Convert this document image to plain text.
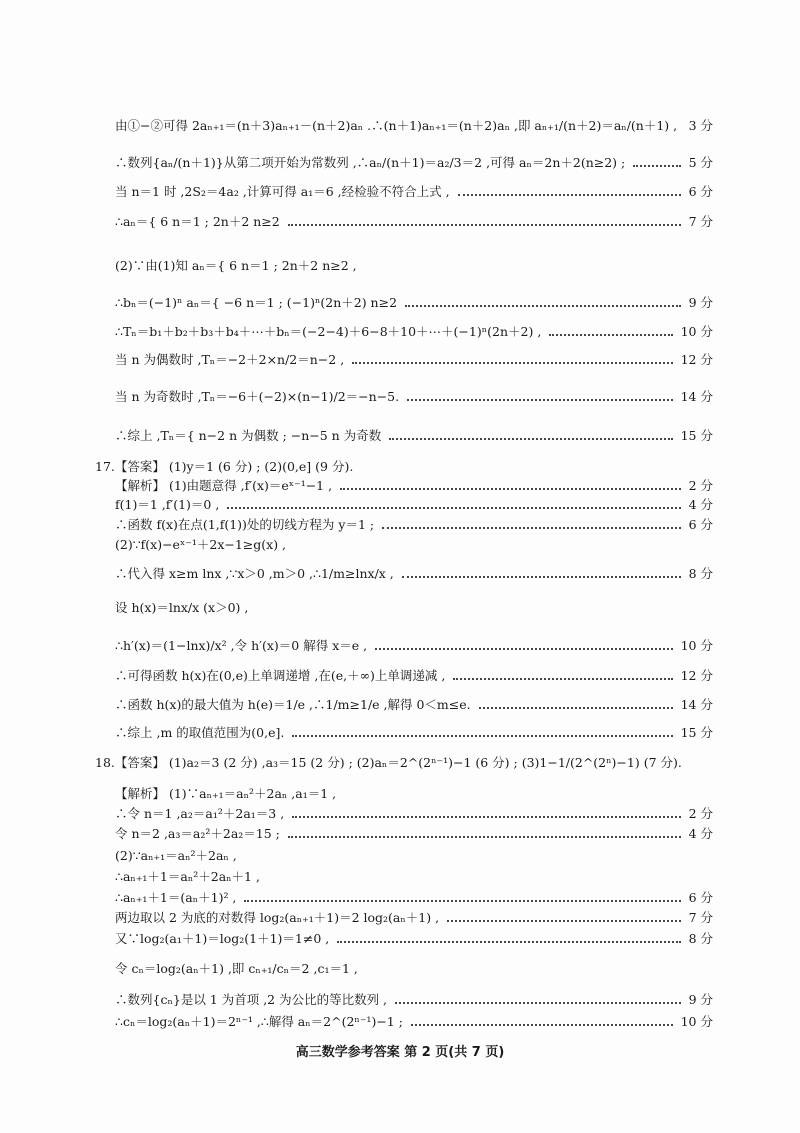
由①−②可得 2aₙ₊₁＝(n＋3)aₙ₊₁－(n＋2)aₙ .∴(n＋1)aₙ₊₁＝(n＋2)aₙ ,即 aₙ₊₁/(n＋2)＝aₙ/(n＋1) , 3 分
∴数列{aₙ/(n＋1)}从第二项开始为常数列 ,∴aₙ/(n＋1)＝a₂/3＝2 ,可得 aₙ＝2n＋2(n≥2) ;	5 分
当 n＝1 时 ,2S₂＝4a₂ ,计算可得 a₁＝6 ,经检验不符合上式 ,	6 分
∴aₙ＝{ 6 n＝1 ; 2n＋2 n≥2	7 分
(2)∵由(1)知 aₙ＝{ 6 n＝1 ; 2n＋2 n≥2 ,
∴bₙ＝(−1)ⁿ aₙ＝{ −6 n＝1 ; (−1)ⁿ(2n＋2) n≥2	9 分
∴Tₙ＝b₁＋b₂＋b₃＋b₄＋⋯＋bₙ＝(−2−4)＋6−8＋10＋⋯＋(−1)ⁿ(2n＋2) ,	10 分
当 n 为偶数时 ,Tₙ＝−2＋2×n/2＝n−2 ,	12 分
当 n 为奇数时 ,Tₙ＝−6＋(−2)×(n−1)/2＝−n−5.	14 分
∴综上 ,Tₙ＝{ n−2 n 为偶数 ; −n−5 n 为奇数	15 分
17.【答案】 (1)y＝1 (6 分) ; (2)(0,e] (9 分).
【解析】 (1)由题意得 ,f′(x)＝eˣ⁻¹−1 ,	2 分
f(1)＝1 ,f′(1)＝0 ,	4 分
∴函数 f(x)在点(1,f(1))处的切线方程为 y＝1 ;	6 分
(2)∵f(x)−eˣ⁻¹＋2x−1≥g(x) ,
∴代入得 x≥m lnx ,∵x＞0 ,m＞0 ,∴1/m≥lnx/x ,	8 分
设 h(x)＝lnx/x (x＞0) ,
∴h′(x)＝(1−lnx)/x² ,令 h′(x)＝0 解得 x＝e ,	10 分
∴可得函数 h(x)在(0,e)上单调递增 ,在(e,＋∞)上单调递减 ,	12 分
∴函数 h(x)的最大值为 h(e)＝1/e ,∴1/m≥1/e ,解得 0＜m≤e.	14 分
∴综上 ,m 的取值范围为(0,e].	15 分
18.【答案】 (1)a₂＝3 (2 分) ,a₃＝15 (2 分) ; (2)aₙ＝2^(2ⁿ⁻¹)−1 (6 分) ; (3)1−1/(2^(2ⁿ)−1) (7 分).
【解析】 (1)∵aₙ₊₁＝aₙ²＋2aₙ ,a₁＝1 ,
∴令 n＝1 ,a₂＝a₁²＋2a₁＝3 ,	2 分
令 n＝2 ,a₃＝a₂²＋2a₂＝15 ;	4 分
(2)∵aₙ₊₁＝aₙ²＋2aₙ ,
∴aₙ₊₁＋1＝aₙ²＋2aₙ＋1 ,
∴aₙ₊₁＋1＝(aₙ＋1)² ,	6 分
两边取以 2 为底的对数得 log₂(aₙ₊₁＋1)＝2 log₂(aₙ＋1) ,	7 分
又∵log₂(a₁＋1)＝log₂(1＋1)＝1≠0 ,	8 分
令 cₙ＝log₂(aₙ＋1) ,即 cₙ₊₁/cₙ＝2 ,c₁＝1 ,
∴数列{cₙ}是以 1 为首项 ,2 为公比的等比数列 ,	9 分
∴cₙ＝log₂(aₙ＋1)＝2ⁿ⁻¹ ,∴解得 aₙ＝2^(2ⁿ⁻¹)−1 ;	10 分
高三数学参考答案 第 2 页(共 7 页)
